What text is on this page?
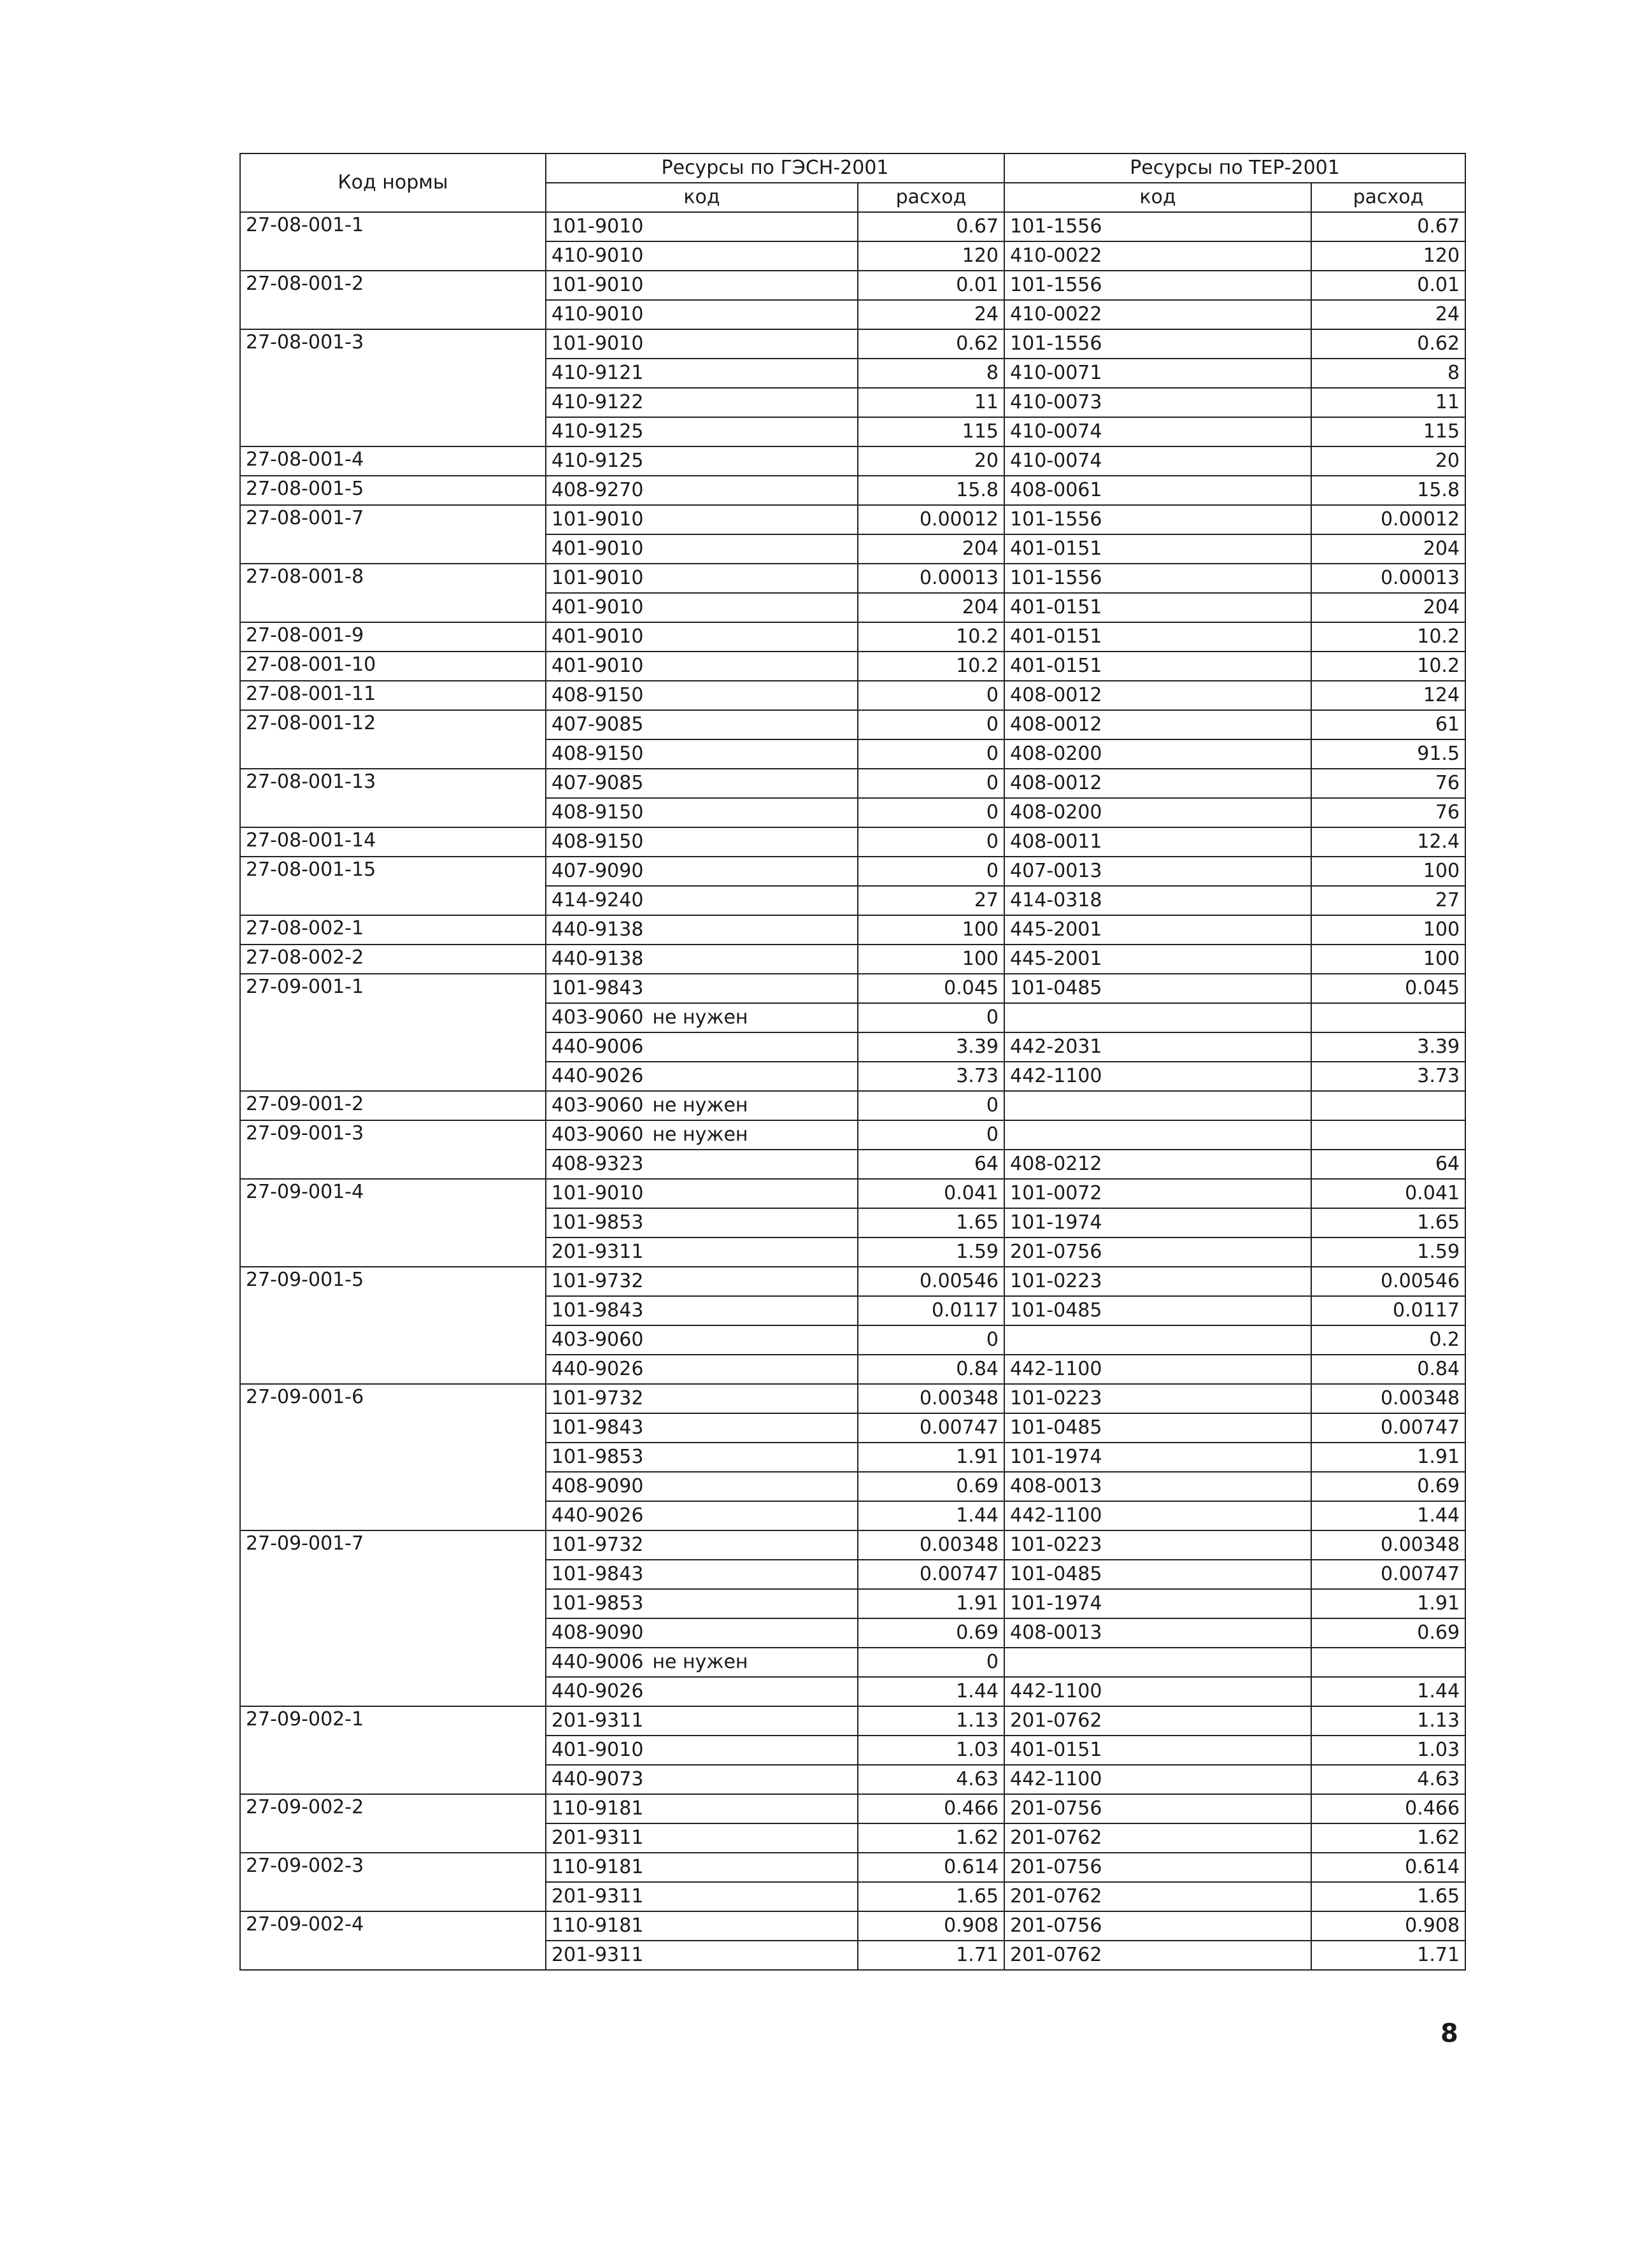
Код нормы	Ресурсы по ГЭСН-2001		Ресурсы по ТЕР-2001	
	код	расход	код	расход
27-08-001-1	101-9010	0.67	101-1556	0.67
	410-9010	120	410-0022	120
27-08-001-2	101-9010	0.01	101-1556	0.01
	410-9010	24	410-0022	24
27-08-001-3	101-9010	0.62	101-1556	0.62
	410-9121	8	410-0071	8
	410-9122	11	410-0073	11
	410-9125	115	410-0074	115
27-08-001-4	410-9125	20	410-0074	20
27-08-001-5	408-9270	15.8	408-0061	15.8
27-08-001-7	101-9010	0.00012	101-1556	0.00012
	401-9010	204	401-0151	204
27-08-001-8	101-9010	0.00013	101-1556	0.00013
	401-9010	204	401-0151	204
27-08-001-9	401-9010	10.2	401-0151	10.2
27-08-001-10	401-9010	10.2	401-0151	10.2
27-08-001-11	408-9150	0	408-0012	124
27-08-001-12	407-9085	0	408-0012	61
	408-9150	0	408-0200	91.5
27-08-001-13	407-9085	0	408-0012	76
	408-9150	0	408-0200	76
27-08-001-14	408-9150	0	408-0011	12.4
27-08-001-15	407-9090	0	407-0013	100
	414-9240	27	414-0318	27
27-08-002-1	440-9138	100	445-2001	100
27-08-002-2	440-9138	100	445-2001	100
27-09-001-1	101-9843	0.045	101-0485	0.045
	403-9060 не нужен	0		
	440-9006	3.39	442-2031	3.39
	440-9026	3.73	442-1100	3.73
27-09-001-2	403-9060 не нужен	0		
27-09-001-3	403-9060 не нужен	0		
	408-9323	64	408-0212	64
27-09-001-4	101-9010	0.041	101-0072	0.041
	101-9853	1.65	101-1974	1.65
	201-9311	1.59	201-0756	1.59
27-09-001-5	101-9732	0.00546	101-0223	0.00546
	101-9843	0.0117	101-0485	0.0117
	403-9060	0		0.2
	440-9026	0.84	442-1100	0.84
27-09-001-6	101-9732	0.00348	101-0223	0.00348
	101-9843	0.00747	101-0485	0.00747
	101-9853	1.91	101-1974	1.91
	408-9090	0.69	408-0013	0.69
	440-9026	1.44	442-1100	1.44
27-09-001-7	101-9732	0.00348	101-0223	0.00348
	101-9843	0.00747	101-0485	0.00747
	101-9853	1.91	101-1974	1.91
	408-9090	0.69	408-0013	0.69
	440-9006 не нужен	0		
	440-9026	1.44	442-1100	1.44
27-09-002-1	201-9311	1.13	201-0762	1.13
	401-9010	1.03	401-0151	1.03
	440-9073	4.63	442-1100	4.63
27-09-002-2	110-9181	0.466	201-0756	0.466
	201-9311	1.62	201-0762	1.62
27-09-002-3	110-9181	0.614	201-0756	0.614
	201-9311	1.65	201-0762	1.65
27-09-002-4	110-9181	0.908	201-0756	0.908
	201-9311	1.71	201-0762	1.71
8
